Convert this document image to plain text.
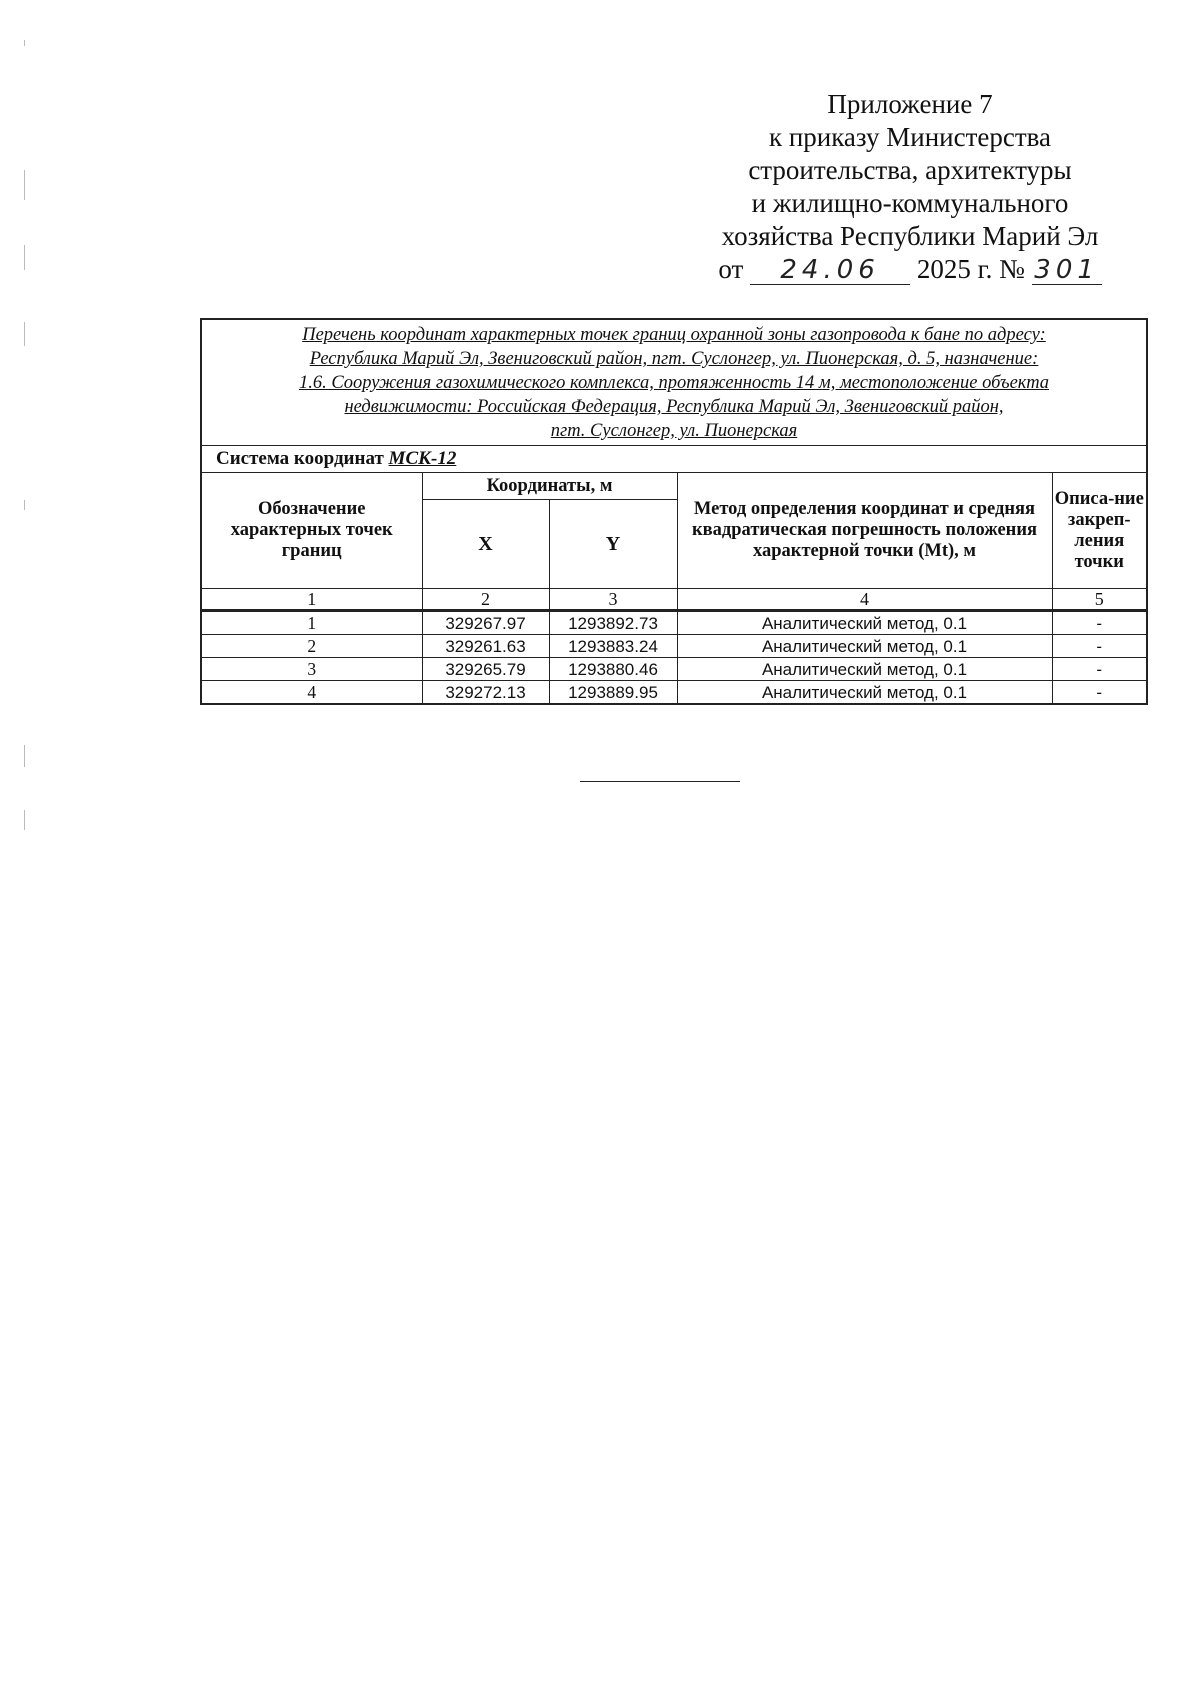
Приложение 7
к приказу Министерства
строительства, архитектуры
и жилищно-коммунального
хозяйства Республики Марий Эл
от 24.06 2025 г. № 301
Перечень координат характерных точек границ охранной зоны газопровода к бане по адресу:
Республика Марий Эл, Звениговский район, пгт. Суслонгер, ул. Пионерская, д. 5, назначение:
1.6. Сооружения газохимического комплекса, протяженность 14 м, местоположение объекта
недвижимости: Российская Федерация, Республика Марий Эл, Звениговский район,
пгт. Суслонгер, ул. Пионерская
Система координат МСК-12
Обозначение характерных точек границ	Координаты, м		Метод определения координат и средняя квадратическая погрешность положения характерной точки (Mt), м	Описа-ние закреп-ления точки
	X	Y		
1	2	3	4	5
1	329267.97	1293892.73	Аналитический метод, 0.1	-
2	329261.63	1293883.24	Аналитический метод, 0.1	-
3	329265.79	1293880.46	Аналитический метод, 0.1	-
4	329272.13	1293889.95	Аналитический метод, 0.1	-
